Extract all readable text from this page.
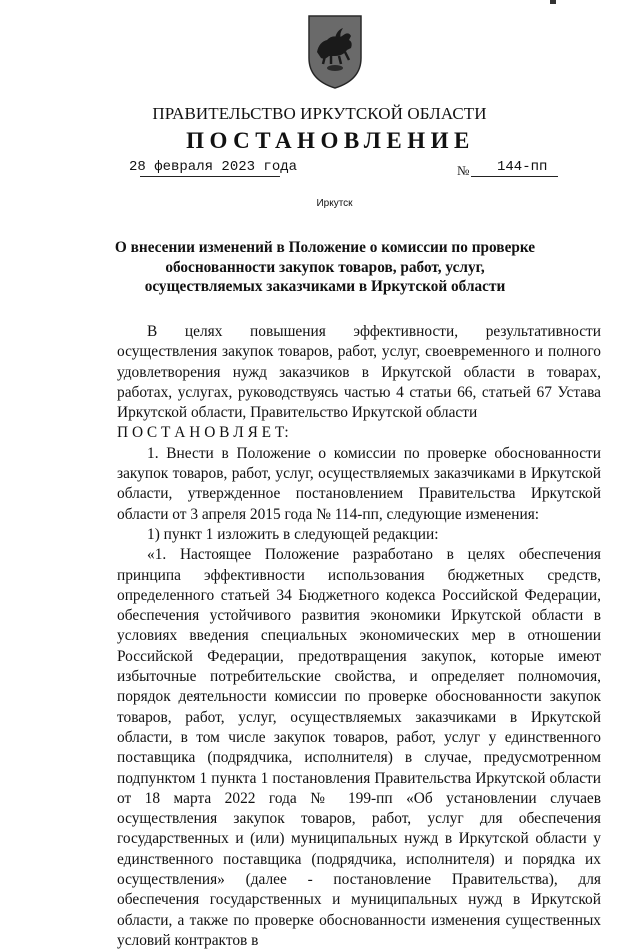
ПРАВИТЕЛЬСТВО ИРКУТСКОЙ ОБЛАСТИ
ПОСТАНОВЛЕНИЕ
28 февраля 2023 года	№ 144-пп
Иркутск
О внесении изменений в Положение о комиссии по проверке обоснованности закупок товаров, работ, услуг, осуществляемых заказчиками в Иркутской области

В целях повышения эффективности, результативности осуществления закупок товаров, работ, услуг, своевременного и полного удовлетворения нужд заказчиков в Иркутской области в товарах, работах, услугах, руководствуясь частью 4 статьи 66, статьей 67 Устава Иркутской области, Правительство Иркутской области

П О С Т А Н О В Л Я Е Т:

1. Внести в Положение о комиссии по проверке обоснованности закупок товаров, работ, услуг, осуществляемых заказчиками в Иркутской области, утвержденное постановлением Правительства Иркутской области от 3 апреля 2015 года № 114-пп, следующие изменения:

1) пункт 1 изложить в следующей редакции:

«1. Настоящее Положение разработано в целях обеспечения принципа эффективности использования бюджетных средств, определенного статьей 34 Бюджетного кодекса Российской Федерации, обеспечения устойчивого развития экономики Иркутской области в условиях введения специальных экономических мер в отношении Российской Федерации, предотвращения закупок, которые имеют избыточные потребительские свойства, и определяет полномочия, порядок деятельности комиссии по проверке обоснованности закупок товаров, работ, услуг, осуществляемых заказчиками в Иркутской области, в том числе закупок товаров, работ, услуг у единственного поставщика (подрядчика, исполнителя) в случае, предусмотренном подпунктом 1 пункта 1 постановления Правительства Иркутской области от 18 марта 2022 года № 199-пп «Об установлении случаев осуществления закупок товаров, работ, услуг для обеспечения государственных и (или) муниципальных нужд в Иркутской области у единственного поставщика (подрядчика, исполнителя) и порядка их осуществления» (далее - постановление Правительства), для обеспечения государственных и муниципальных нужд в Иркутской области, а также по проверке обоснованности изменения существенных условий контрактов в
